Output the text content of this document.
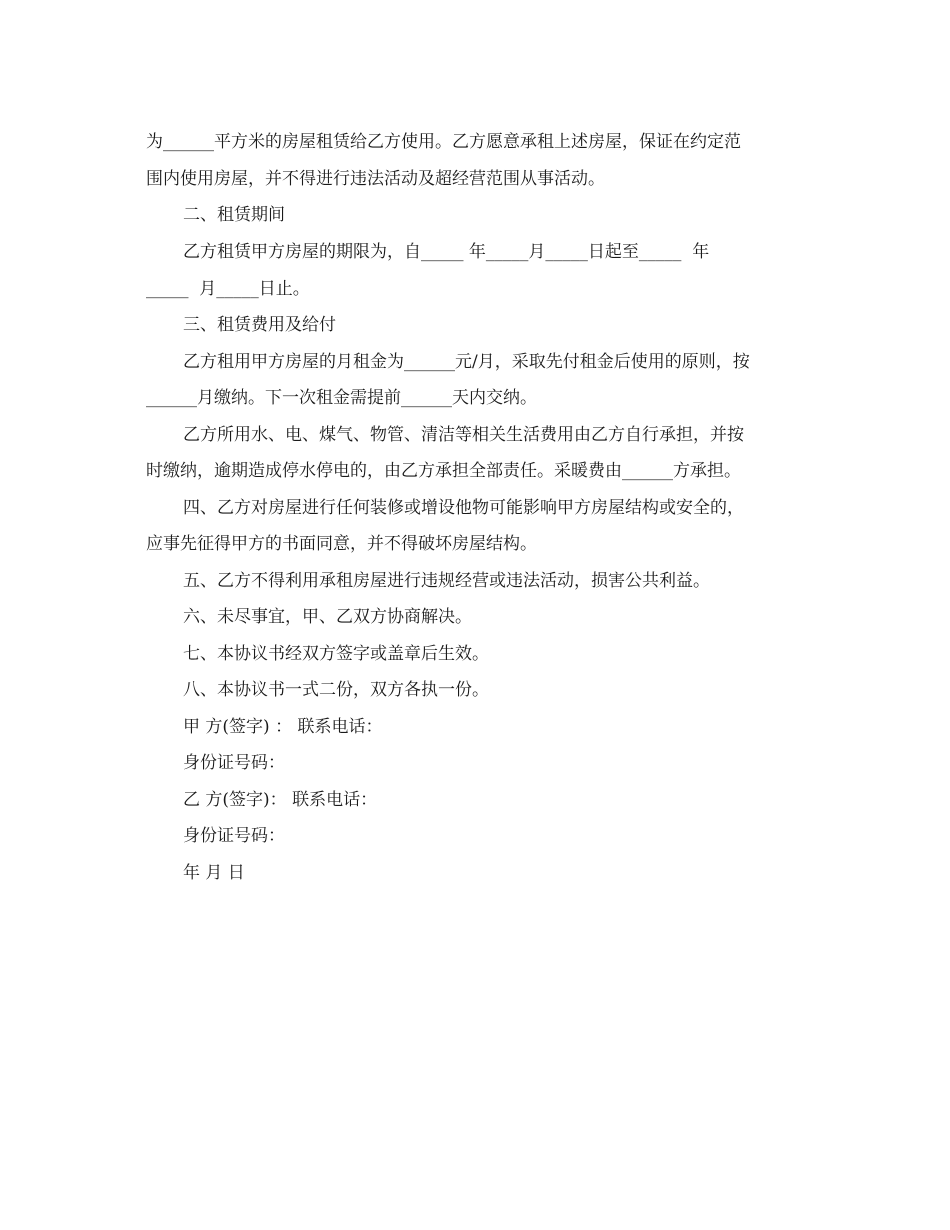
为______平方米的房屋租赁给乙方使用。乙方愿意承租上述房屋，保证在约定范
围内使用房屋，并不得进行违法活动及超经营范围从事活动。
二、租赁期间
乙方租赁甲方房屋的期限为，自_____ 年_____月_____日起至_____  年
_____  月_____日止。
三、租赁费用及给付
乙方租用甲方房屋的月租金为______元/月，采取先付租金后使用的原则，按
______月缴纳。下一次租金需提前______天内交纳。
乙方所用水、电、煤气、物管、清洁等相关生活费用由乙方自行承担，并按
时缴纳，逾期造成停水停电的，由乙方承担全部责任。采暖费由______方承担。
四、乙方对房屋进行任何装修或增设他物可能影响甲方房屋结构或安全的，
应事先征得甲方的书面同意，并不得破坏房屋结构。
五、乙方不得利用承租房屋进行违规经营或违法活动，损害公共利益。
六、未尽事宜，甲、乙双方协商解决。
七、本协议书经双方签字或盖章后生效。
八、本协议书一式二份，双方各执一份。
甲 方(签字) ： 联系电话：
身份证号码：
乙 方(签字)： 联系电话：
身份证号码：
年 月 日
